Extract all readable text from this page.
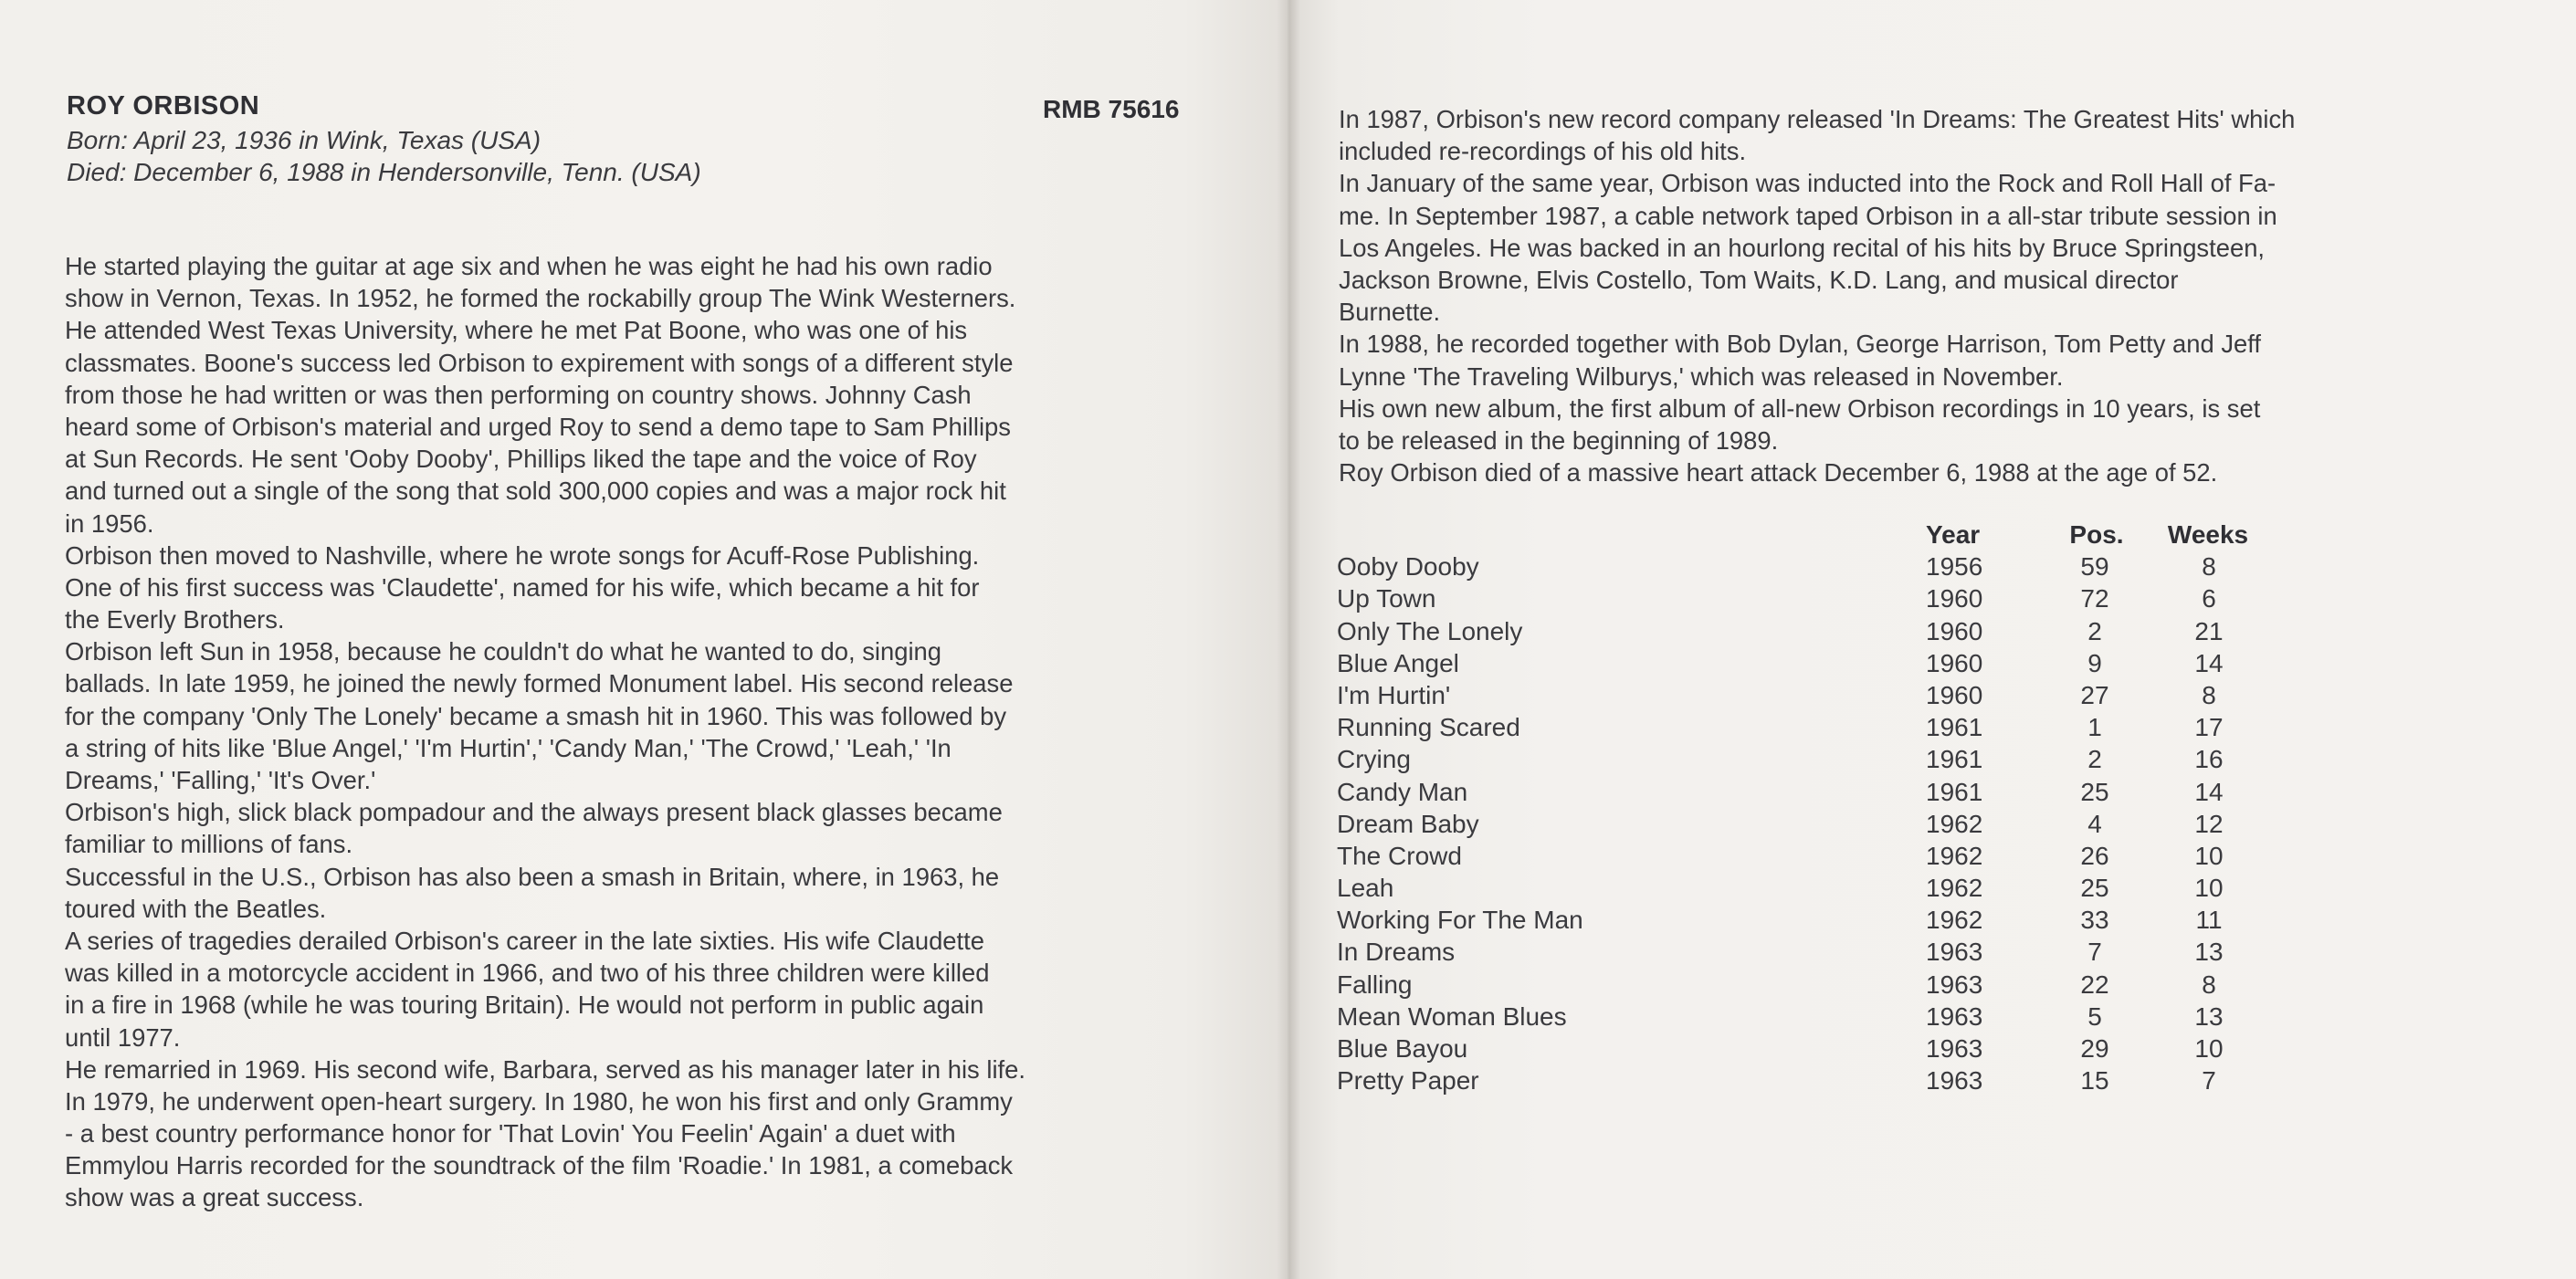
ROY ORBISON	RMB 75616
Born: April 23, 1936 in Wink, Texas (USA)
Died: December 6, 1988 in Hendersonville, Tenn. (USA)
He started playing the guitar at age six and when he was eight he had his own radio
show in Vernon, Texas. In 1952, he formed the rockabilly group The Wink Westerners.
He attended West Texas University, where he met Pat Boone, who was one of his
classmates. Boone's success led Orbison to expirement with songs of a different style
from those he had written or was then performing on country shows. Johnny Cash
heard some of Orbison's material and urged Roy to send a demo tape to Sam Phillips
at Sun Records. He sent 'Ooby Dooby', Phillips liked the tape and the voice of Roy
and turned out a single of the song that sold 300,000 copies and was a major rock hit
in 1956.
Orbison then moved to Nashville, where he wrote songs for Acuff-Rose Publishing.
One of his first success was 'Claudette', named for his wife, which became a hit for
the Everly Brothers.
Orbison left Sun in 1958, because he couldn't do what he wanted to do, singing
ballads. In late 1959, he joined the newly formed Monument label. His second release
for the company 'Only The Lonely' became a smash hit in 1960. This was followed by
a string of hits like 'Blue Angel,' 'I'm Hurtin',' 'Candy Man,' 'The Crowd,' 'Leah,' 'In
Dreams,' 'Falling,' 'It's Over.'
Orbison's high, slick black pompadour and the always present black glasses became
familiar to millions of fans.
Successful in the U.S., Orbison has also been a smash in Britain, where, in 1963, he
toured with the Beatles.
A series of tragedies derailed Orbison's career in the late sixties. His wife Claudette
was killed in a motorcycle accident in 1966, and two of his three children were killed
in a fire in 1968 (while he was touring Britain). He would not perform in public again
until 1977.
He remarried in 1969. His second wife, Barbara, served as his manager later in his life.
In 1979, he underwent open-heart surgery. In 1980, he won his first and only Grammy
- a best country performance honor for 'That Lovin' You Feelin' Again' a duet with
Emmylou Harris recorded for the soundtrack of the film 'Roadie.' In 1981, a comeback
show was a great success.
In 1987, Orbison's new record company released 'In Dreams: The Greatest Hits' which
included re-recordings of his old hits.
In January of the same year, Orbison was inducted into the Rock and Roll Hall of Fa-
me. In September 1987, a cable network taped Orbison in a all-star tribute session in
Los Angeles. He was backed in an hourlong recital of his hits by Bruce Springsteen,
Jackson Browne, Elvis Costello, Tom Waits, K.D. Lang, and musical director
Burnette.
In 1988, he recorded together with Bob Dylan, George Harrison, Tom Petty and Jeff
Lynne 'The Traveling Wilburys,' which was released in November.
His own new album, the first album of all-new Orbison recordings in 10 years, is set
to be released in the beginning of 1989.
Roy Orbison died of a massive heart attack December 6, 1988 at the age of 52.
Year	Pos.	Weeks
Ooby Dooby	1956	59	8
Up Town	1960	72	6
Only The Lonely	1960	2	21
Blue Angel	1960	9	14
I'm Hurtin'	1960	27	8
Running Scared	1961	1	17
Crying	1961	2	16
Candy Man	1961	25	14
Dream Baby	1962	4	12
The Crowd	1962	26	10
Leah	1962	25	10
Working For The Man	1962	33	11
In Dreams	1963	7	13
Falling	1963	22	8
Mean Woman Blues	1963	5	13
Blue Bayou	1963	29	10
Pretty Paper	1963	15	7
